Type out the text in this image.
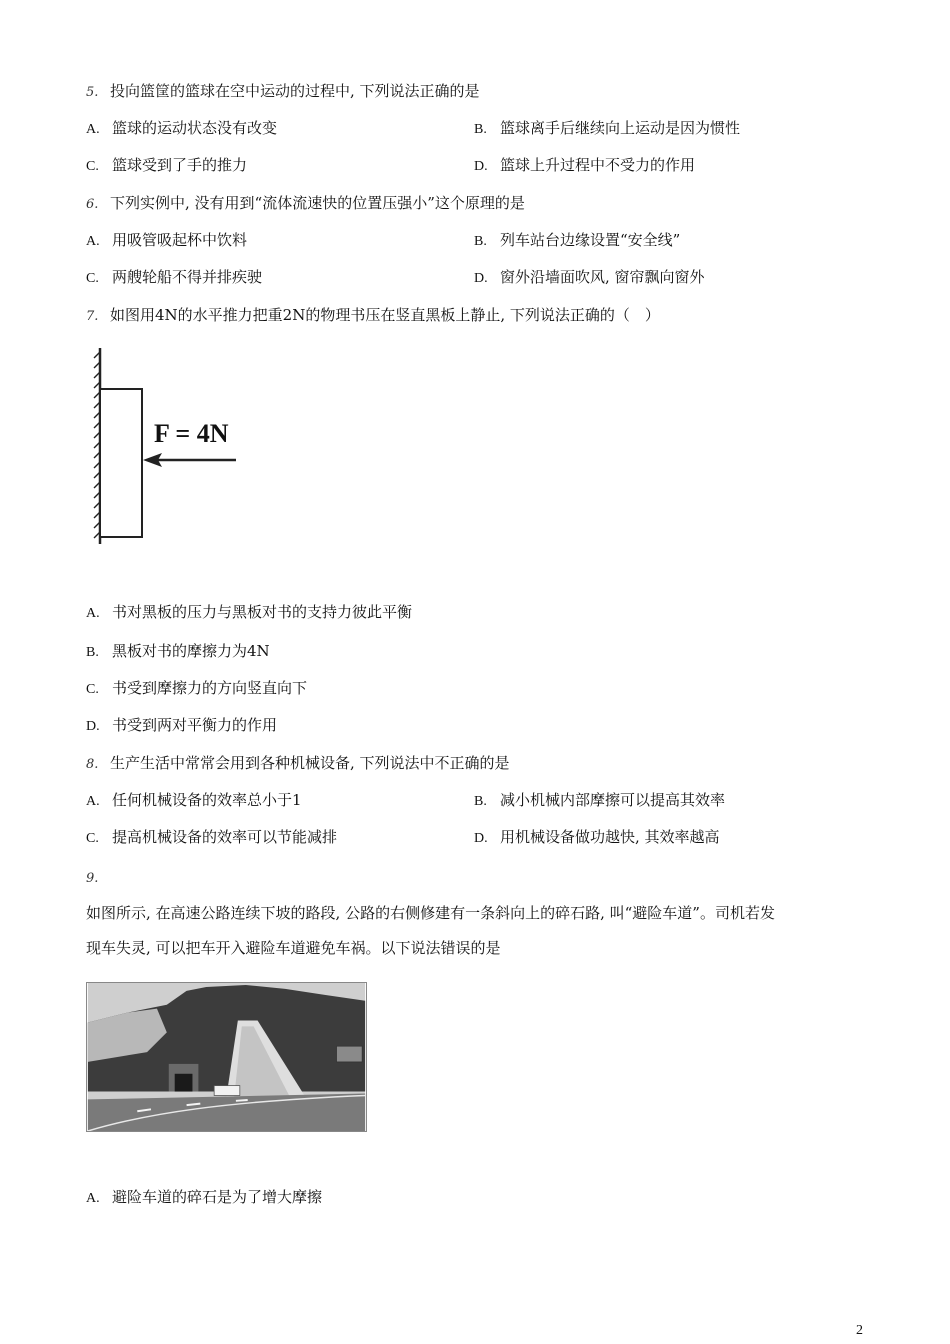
5. 投向篮筐的篮球在空中运动的过程中, 下列说法正确的是
A. 篮球的运动状态没有改变	B. 篮球离手后继续向上运动是因为惯性
C. 篮球受到了手的推力	D. 篮球上升过程中不受力的作用
6. 下列实例中, 没有用到“流体流速快的位置压强小”这个原理的是
A. 用吸管吸起杯中饮料	B. 列车站台边缘设置“安全线”
C. 两艘轮船不得并排疾驶	D. 窗外沿墙面吹风, 窗帘飘向窗外
7. 如图用4N的水平推力把重2N的物理书压在竖直黑板上静止, 下列说法正确的（　）
F = 4N
A. 书对黑板的压力与黑板对书的支持力彼此平衡
B. 黑板对书的摩擦力为4N
C. 书受到摩擦力的方向竖直向下
D. 书受到两对平衡力的作用
8. 生产生活中常常会用到各种机械设备, 下列说法中不正确的是
A. 任何机械设备的效率总小于1	B. 减小机械内部摩擦可以提高其效率
C. 提高机械设备的效率可以节能减排	D. 用机械设备做功越快, 其效率越高
9.
如图所示, 在高速公路连续下坡的路段, 公路的右侧修建有一条斜向上的碎石路, 叫“避险车道”。司机若发
现车失灵, 可以把车开入避险车道避免车祸。以下说法错误的是
A. 避险车道的碎石是为了增大摩擦
2
